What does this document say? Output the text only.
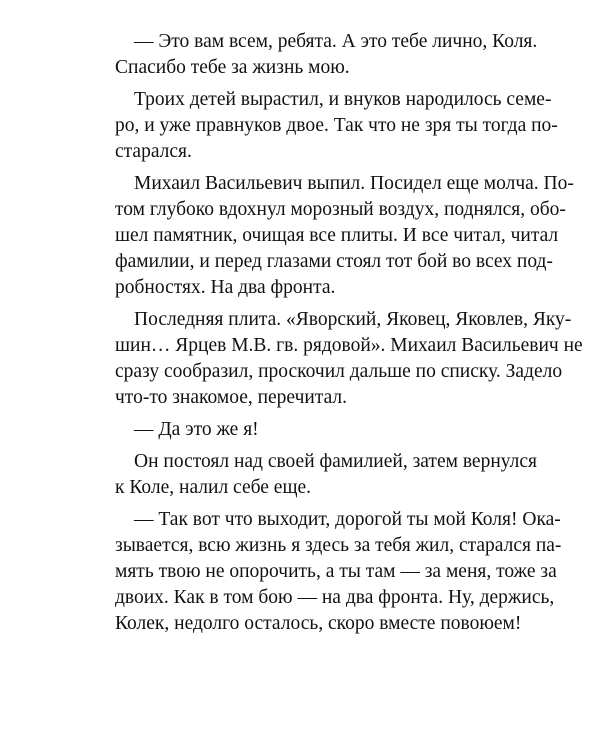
— Это вам всем, ребята. А это тебе лично, Коля.
Спасибо тебе за жизнь мою.
Троих детей вырастил, и внуков народилось семе-
ро, и уже правнуков двое. Так что не зря ты тогда по-
старался.
Михаил Васильевич выпил. Посидел еще молча. По-
том глубоко вдохнул морозный воздух, поднялся, обо-
шел памятник, очищая все плиты. И все читал, читал
фамилии, и перед глазами стоял тот бой во всех под-
робностях. На два фронта.
Последняя плита. «Яворский, Яковец, Яковлев, Яку-
шин… Ярцев М.В. гв. рядовой». Михаил Васильевич не
сразу сообразил, проскочил дальше по списку. Задело
что-то знакомое, перечитал.
— Да это же я!
Он постоял над своей фамилией, затем вернулся
к Коле, налил себе еще.
— Так вот что выходит, дорогой ты мой Коля! Ока-
зывается, всю жизнь я здесь за тебя жил, старался па-
мять твою не опорочить, а ты там — за меня, тоже за
двоих. Как в том бою — на два фронта. Ну, держись,
Колек, недолго осталось, скоро вместе повоюем!
